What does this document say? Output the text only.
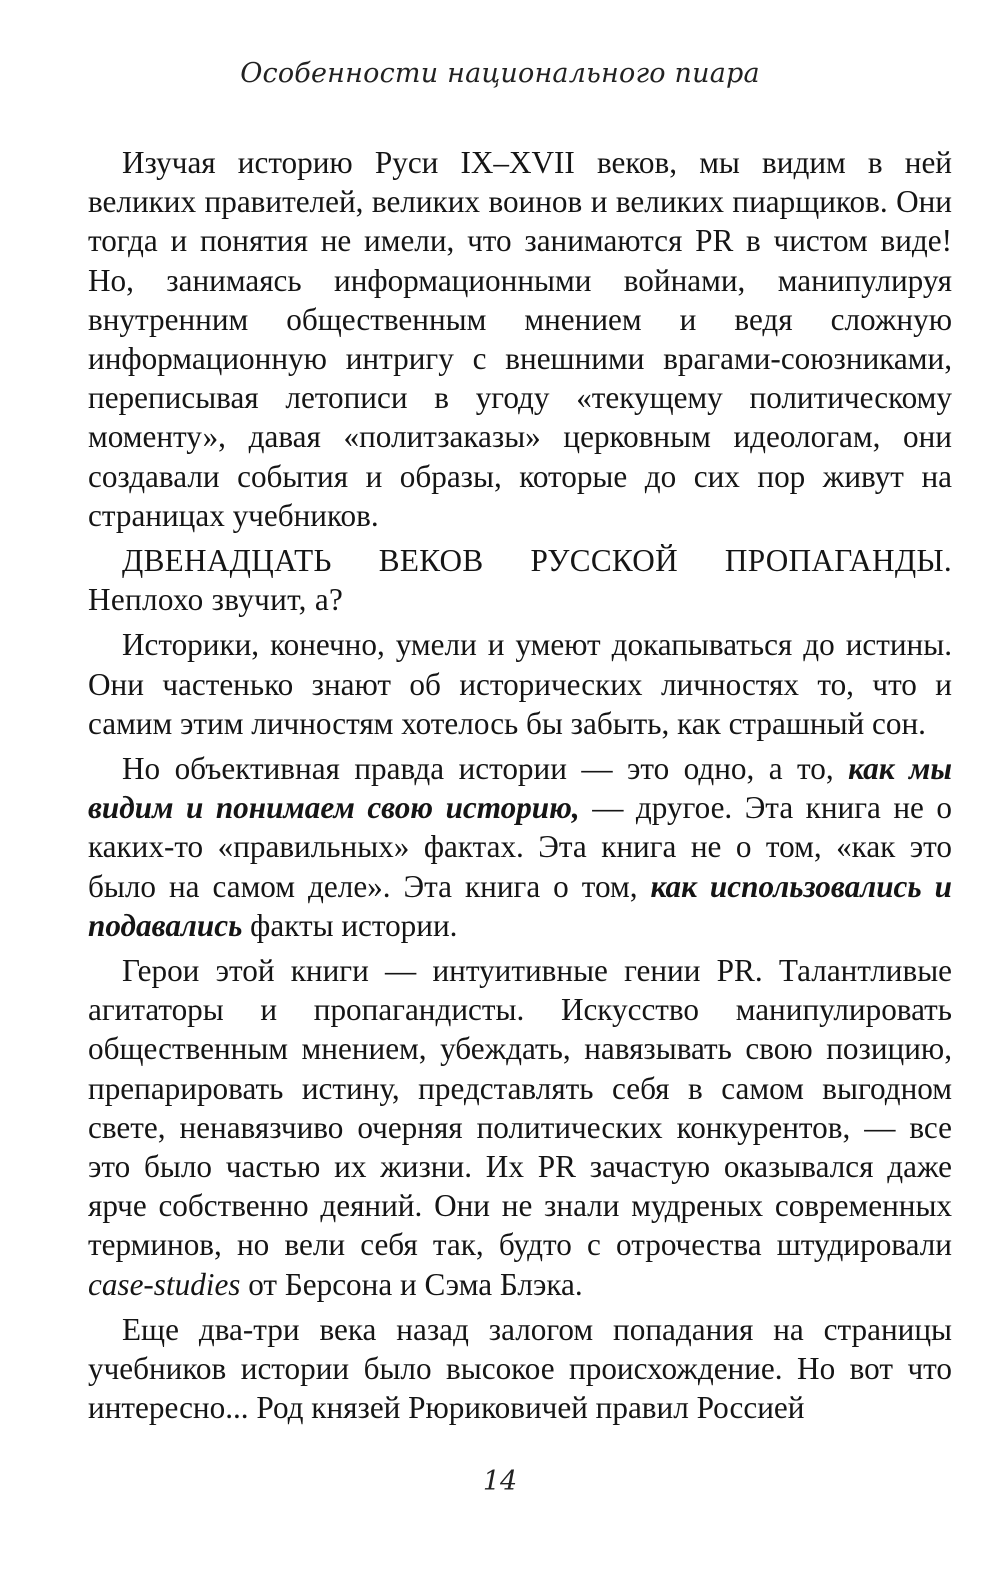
Особенности национального пиара

Изучая историю Руси IX–XVII веков, мы видим в ней великих правителей, великих воинов и великих пиарщиков. Они тогда и понятия не имели, что занимаются PR в чистом виде! Но, занимаясь информационными войнами, манипулируя внутренним общественным мнением и ведя сложную информационную интригу с внешними врагами-союзниками, переписывая летописи в угоду «текущему политическому моменту», давая «политзаказы» церковным идеологам, они создавали события и образы, которые до сих пор живут на страницах учебников.

ДВЕНАДЦАТЬ ВЕКОВ РУССКОЙ ПРОПАГАНДЫ. Неплохо звучит, а?

Историки, конечно, умели и умеют докапываться до истины. Они частенько знают об исторических личностях то, что и самим этим личностям хотелось бы забыть, как страшный сон.

Но объективная правда истории — это одно, а то, как мы видим и понимаем свою историю, — другое. Эта книга не о каких-то «правильных» фактах. Эта книга не о том, «как это было на самом деле». Эта книга о том, как использовались и подавались факты истории.

Герои этой книги — интуитивные гении PR. Талантливые агитаторы и пропагандисты. Искусство манипулировать общественным мнением, убеждать, навязывать свою позицию, препарировать истину, представлять себя в самом выгодном свете, ненавязчиво очерняя политических конкурентов, — все это было частью их жизни. Их PR зачастую оказывался даже ярче собственно деяний. Они не знали мудреных современных терминов, но вели себя так, будто с отрочества штудировали case-studies от Берсона и Сэма Блэка.

Еще два-три века назад залогом попадания на страницы учебников истории было высокое происхождение. Но вот что интересно... Род князей Рюриковичей правил Россией

14
